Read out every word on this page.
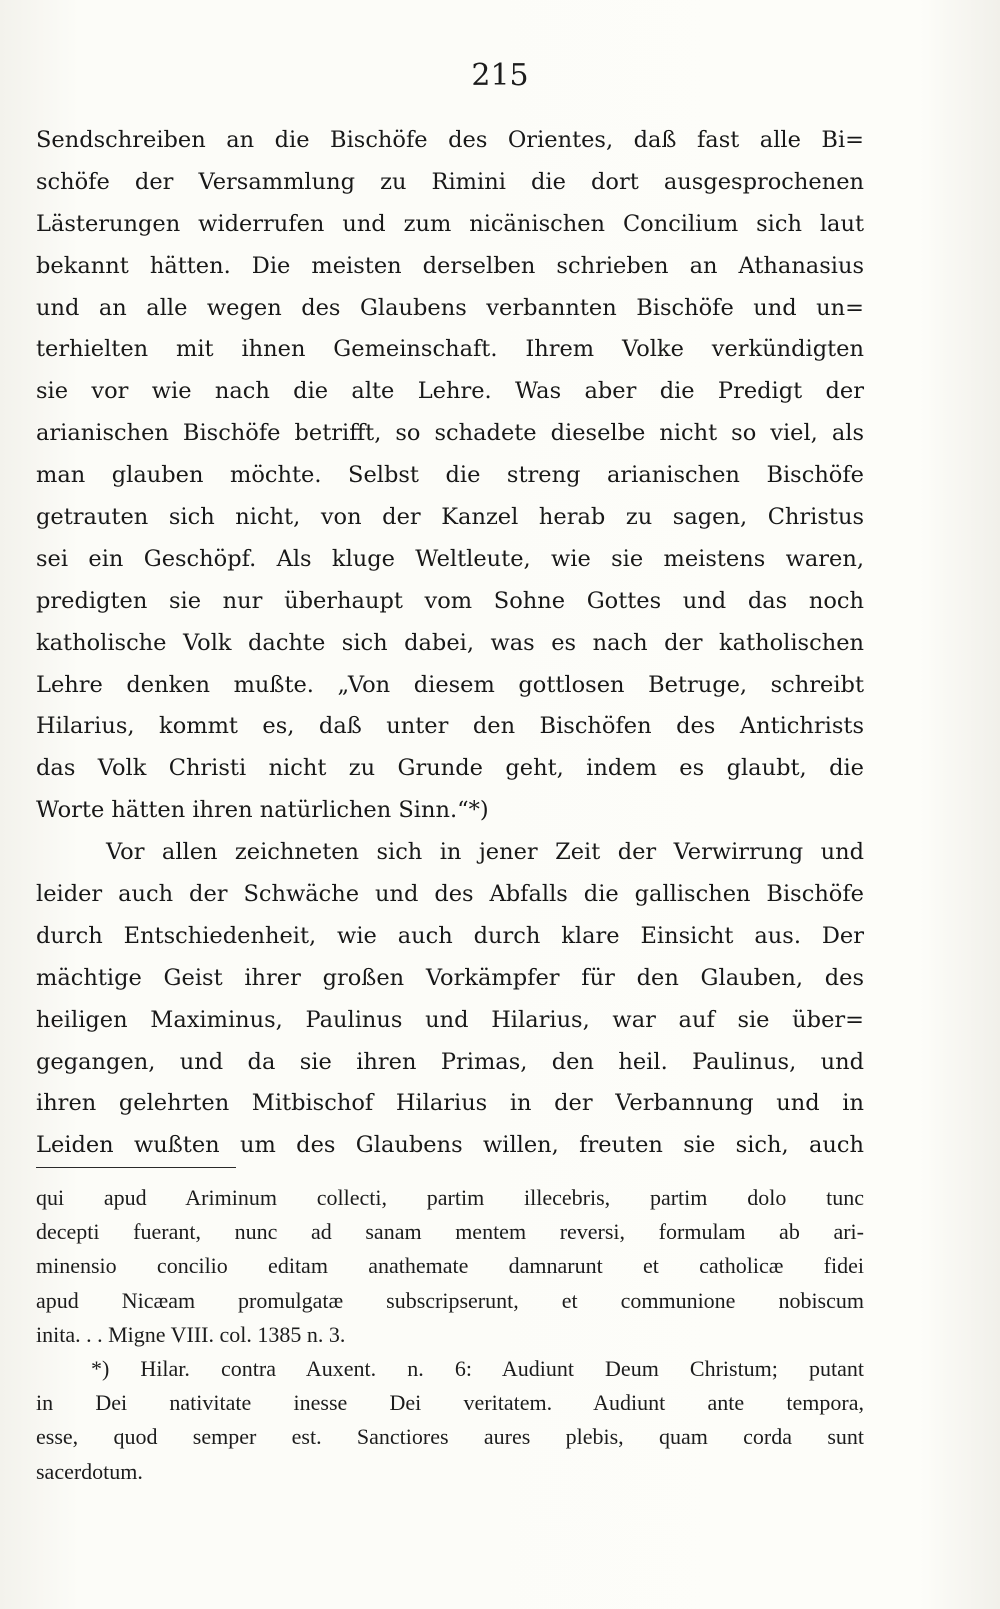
215
Sendschreiben an die Bischöfe des Orientes, daß fast alle Bi=
schöfe der Versammlung zu Rimini die dort ausgesprochenen
Lästerungen widerrufen und zum nicänischen Concilium sich laut
bekannt hätten. Die meisten derselben schrieben an Athanasius
und an alle wegen des Glaubens verbannten Bischöfe und un=
terhielten mit ihnen Gemeinschaft. Ihrem Volke verkündigten
sie vor wie nach die alte Lehre. Was aber die Predigt der
arianischen Bischöfe betrifft, so schadete dieselbe nicht so viel, als
man glauben möchte. Selbst die streng arianischen Bischöfe
getrauten sich nicht, von der Kanzel herab zu sagen, Christus
sei ein Geschöpf. Als kluge Weltleute, wie sie meistens waren,
predigten sie nur überhaupt vom Sohne Gottes und das noch
katholische Volk dachte sich dabei, was es nach der katholischen
Lehre denken mußte. „Von diesem gottlosen Betruge, schreibt
Hilarius, kommt es, daß unter den Bischöfen des Antichrists
das Volk Christi nicht zu Grunde geht, indem es glaubt, die
Worte hätten ihren natürlichen Sinn.“*)
Vor allen zeichneten sich in jener Zeit der Verwirrung und
leider auch der Schwäche und des Abfalls die gallischen Bischöfe
durch Entschiedenheit, wie auch durch klare Einsicht aus. Der
mächtige Geist ihrer großen Vorkämpfer für den Glauben, des
heiligen Maximinus, Paulinus und Hilarius, war auf sie über=
gegangen, und da sie ihren Primas, den heil. Paulinus, und
ihren gelehrten Mitbischof Hilarius in der Verbannung und in
Leiden wußten um des Glaubens willen, freuten sie sich, auch
qui apud Ariminum collecti, partim illecebris, partim dolo tunc
decepti fuerant, nunc ad sanam mentem reversi, formulam ab ari-
minensio concilio editam anathemate damnarunt et catholicæ fidei
apud Nicæam promulgatæ subscripserunt, et communione nobiscum
inita. . . Migne VIII. col. 1385 n. 3.
*) Hilar. contra Auxent. n. 6: Audiunt Deum Christum; putant
in Dei nativitate inesse Dei veritatem. Audiunt ante tempora,
esse, quod semper est. Sanctiores aures plebis, quam corda sunt
sacerdotum.
